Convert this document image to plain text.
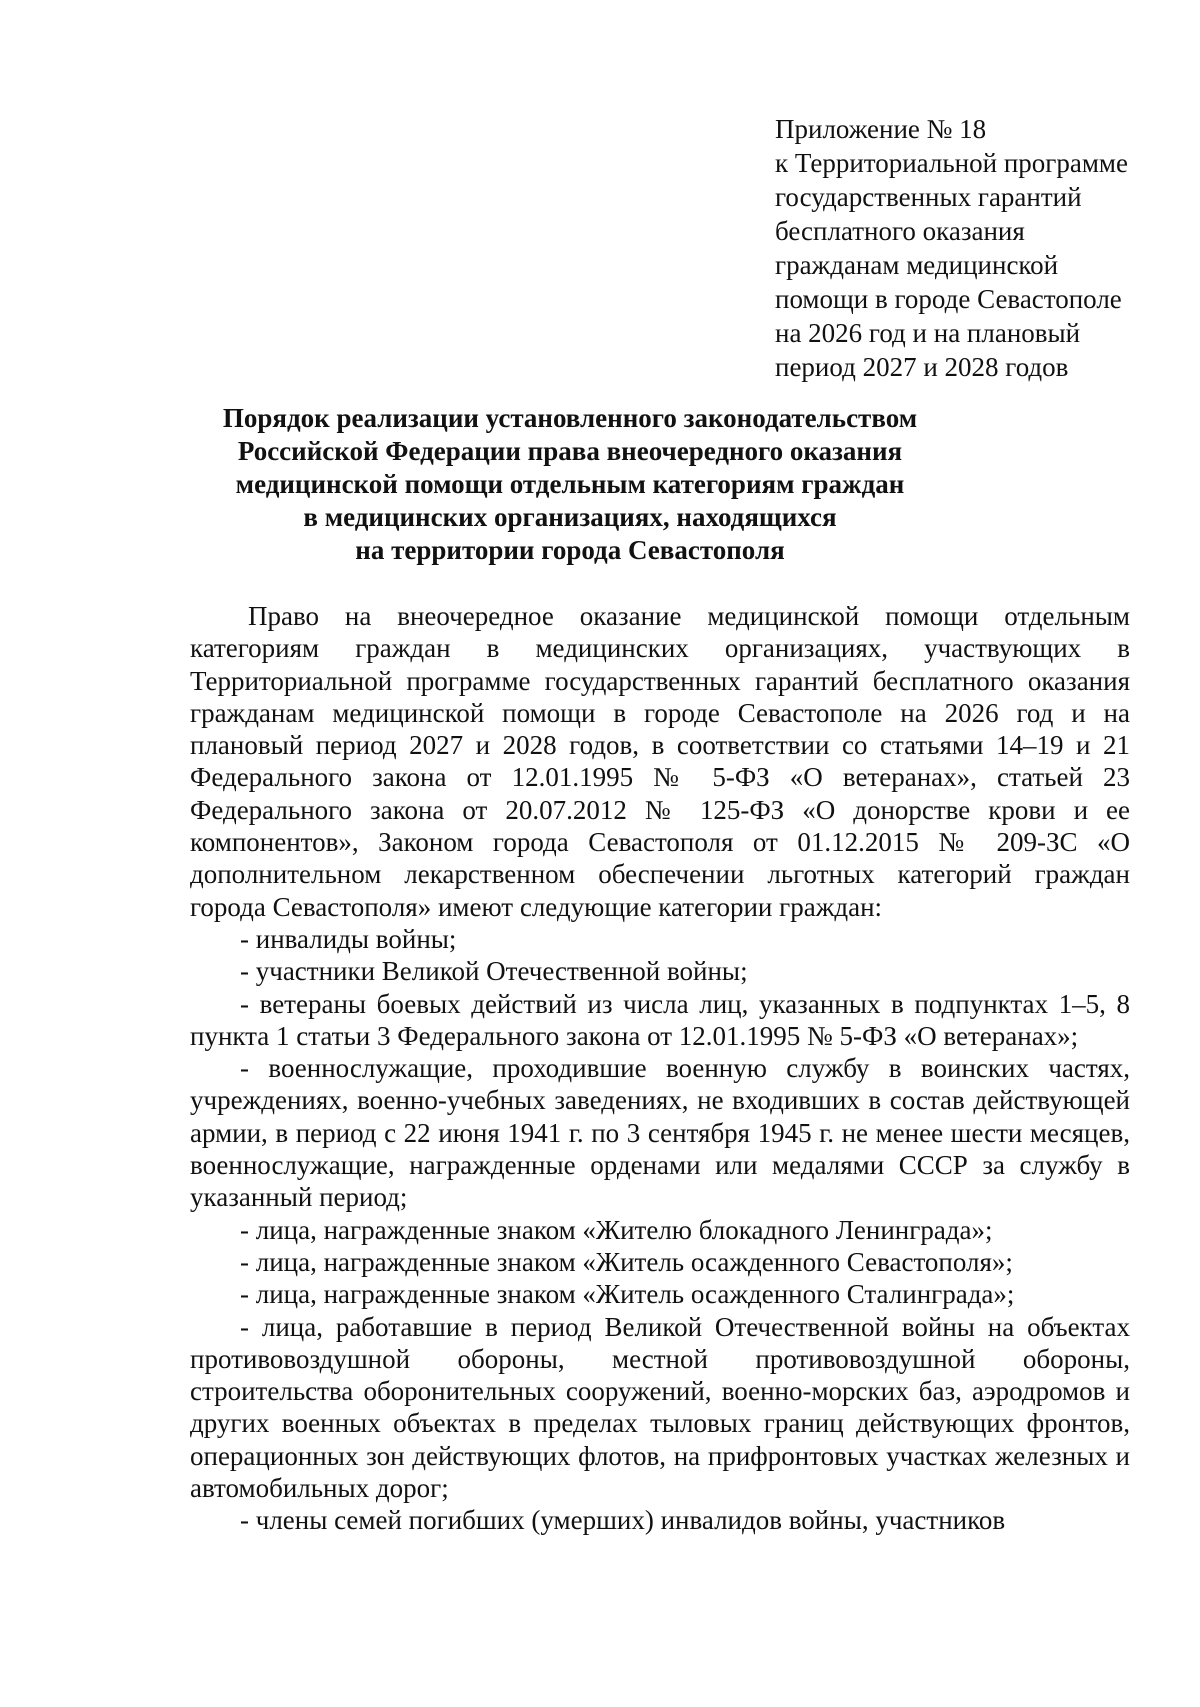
Приложение № 18
к Территориальной программе
государственных гарантий
бесплатного оказания
гражданам медицинской
помощи в городе Севастополе
на 2026 год и на плановый
период 2027 и 2028 годов
Порядок реализации установленного законодательством
Российской Федерации права внеочередного оказания
медицинской помощи отдельным категориям граждан
в медицинских организациях, находящихся
на территории города Севастополя

Право на внеочередное оказание медицинской помощи отдельным категориям граждан в медицинских организациях, участвующих в Территориальной программе государственных гарантий бесплатного оказания гражданам медицинской помощи в городе Севастополе на 2026 год и на плановый период 2027 и 2028 годов, в соответствии со статьями 14–19 и 21 Федерального закона от 12.01.1995 № 5-ФЗ «О ветеранах», статьей 23 Федерального закона от 20.07.2012 № 125-ФЗ «О донорстве крови и ее компонентов», Законом города Севастополя от 01.12.2015 № 209-ЗС «О дополнительном лекарственном обеспечении льготных категорий граждан города Севастополя» имеют следующие категории граждан:

- инвалиды войны;

- участники Великой Отечественной войны;

- ветераны боевых действий из числа лиц, указанных в подпунктах 1–5, 8 пункта 1 статьи 3 Федерального закона от 12.01.1995 № 5-ФЗ «О ветеранах»;

- военнослужащие, проходившие военную службу в воинских частях, учреждениях, военно-учебных заведениях, не входивших в состав действующей армии, в период с 22 июня 1941 г. по 3 сентября 1945 г. не менее шести месяцев, военнослужащие, награжденные орденами или медалями СССР за службу в указанный период;

- лица, награжденные знаком «Жителю блокадного Ленинграда»;

- лица, награжденные знаком «Житель осажденного Севастополя»;

- лица, награжденные знаком «Житель осажденного Сталинграда»;

- лица, работавшие в период Великой Отечественной войны на объектах противовоздушной обороны, местной противовоздушной обороны, строительства оборонительных сооружений, военно-морских баз, аэродромов и других военных объектах в пределах тыловых границ действующих фронтов, операционных зон действующих флотов, на прифронтовых участках железных и автомобильных дорог;

- члены семей погибших (умерших) инвалидов войны, участников
